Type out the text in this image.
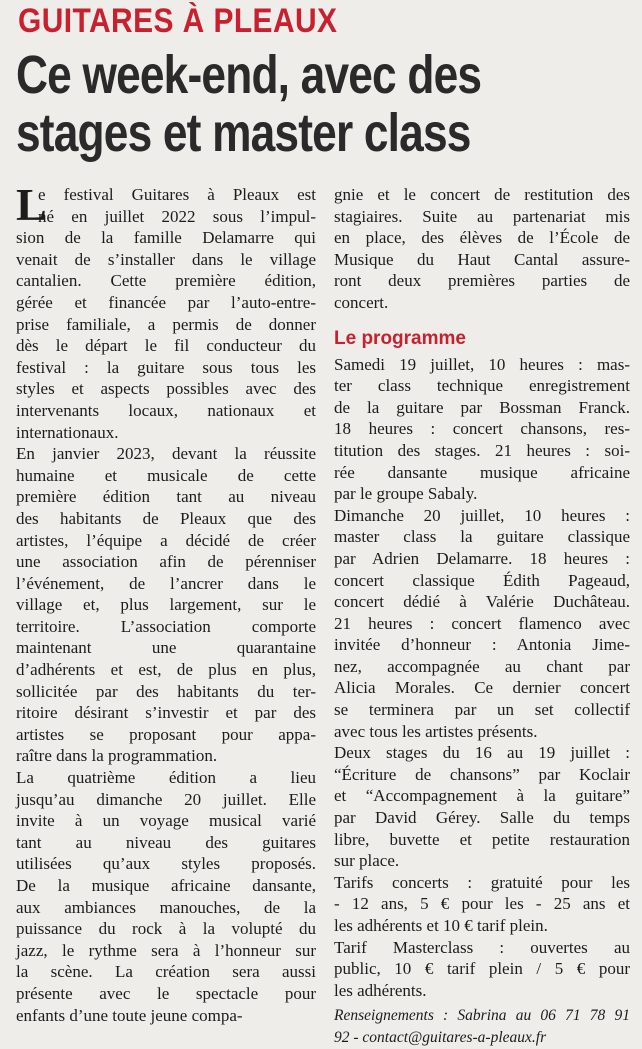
GUITARES À PLEAUX
Ce week-end, avec des
stages et master class
L
e festival Guitares à Pleaux est
né en juillet 2022 sous l’impul-
sion de la famille Delamarre qui
venait de s’installer dans le village
cantalien. Cette première édition,
gérée et financée par l’auto-entre-
prise familiale, a permis de donner
dès le départ le fil conducteur du
festival : la guitare sous tous les
styles et aspects possibles avec des
intervenants locaux, nationaux et
internationaux.
En janvier 2023, devant la réussite
humaine et musicale de cette
première édition tant au niveau
des habitants de Pleaux que des
artistes, l’équipe a décidé de créer
une association afin de pérenniser
l’événement, de l’ancrer dans le
village et, plus largement, sur le
territoire. L’association comporte
maintenant une quarantaine
d’adhérents et est, de plus en plus,
sollicitée par des habitants du ter-
ritoire désirant s’investir et par des
artistes se proposant pour appa-
raître dans la programmation.
La quatrième édition a lieu
jusqu’au dimanche 20 juillet. Elle
invite à un voyage musical varié
tant au niveau des guitares
utilisées qu’aux styles proposés.
De la musique africaine dansante,
aux ambiances manouches, de la
puissance du rock à la volupté du
jazz, le rythme sera à l’honneur sur
la scène. La création sera aussi
présente avec le spectacle pour
enfants d’une toute jeune compa-
gnie et le concert de restitution des
stagiaires. Suite au partenariat mis
en place, des élèves de l’École de
Musique du Haut Cantal assure-
ront deux premières parties de
concert.
Le programme
Samedi 19 juillet, 10 heures : mas-
ter class technique enregistrement
de la guitare par Bossman Franck.
18 heures : concert chansons, res-
titution des stages. 21 heures : soi-
rée dansante musique africaine
par le groupe Sabaly.
Dimanche 20 juillet, 10 heures :
master class la guitare classique
par Adrien Delamarre. 18 heures :
concert classique Édith Pageaud,
concert dédié à Valérie Duchâteau.
21 heures : concert flamenco avec
invitée d’honneur : Antonia Jime-
nez, accompagnée au chant par
Alicia Morales. Ce dernier concert
se terminera par un set collectif
avec tous les artistes présents.
Deux stages du 16 au 19 juillet :
“Écriture de chansons” par Koclair
et “Accompagnement à la guitare”
par David Gérey. Salle du temps
libre, buvette et petite restauration
sur place.
Tarifs concerts : gratuité pour les
- 12 ans, 5 € pour les - 25 ans et
les adhérents et 10 € tarif plein.
Tarif Masterclass : ouvertes au
public, 10 € tarif plein / 5 € pour
les adhérents.
Renseignements : Sabrina au 06 71 78 91
92 - contact@guitares-a-pleaux.fr
